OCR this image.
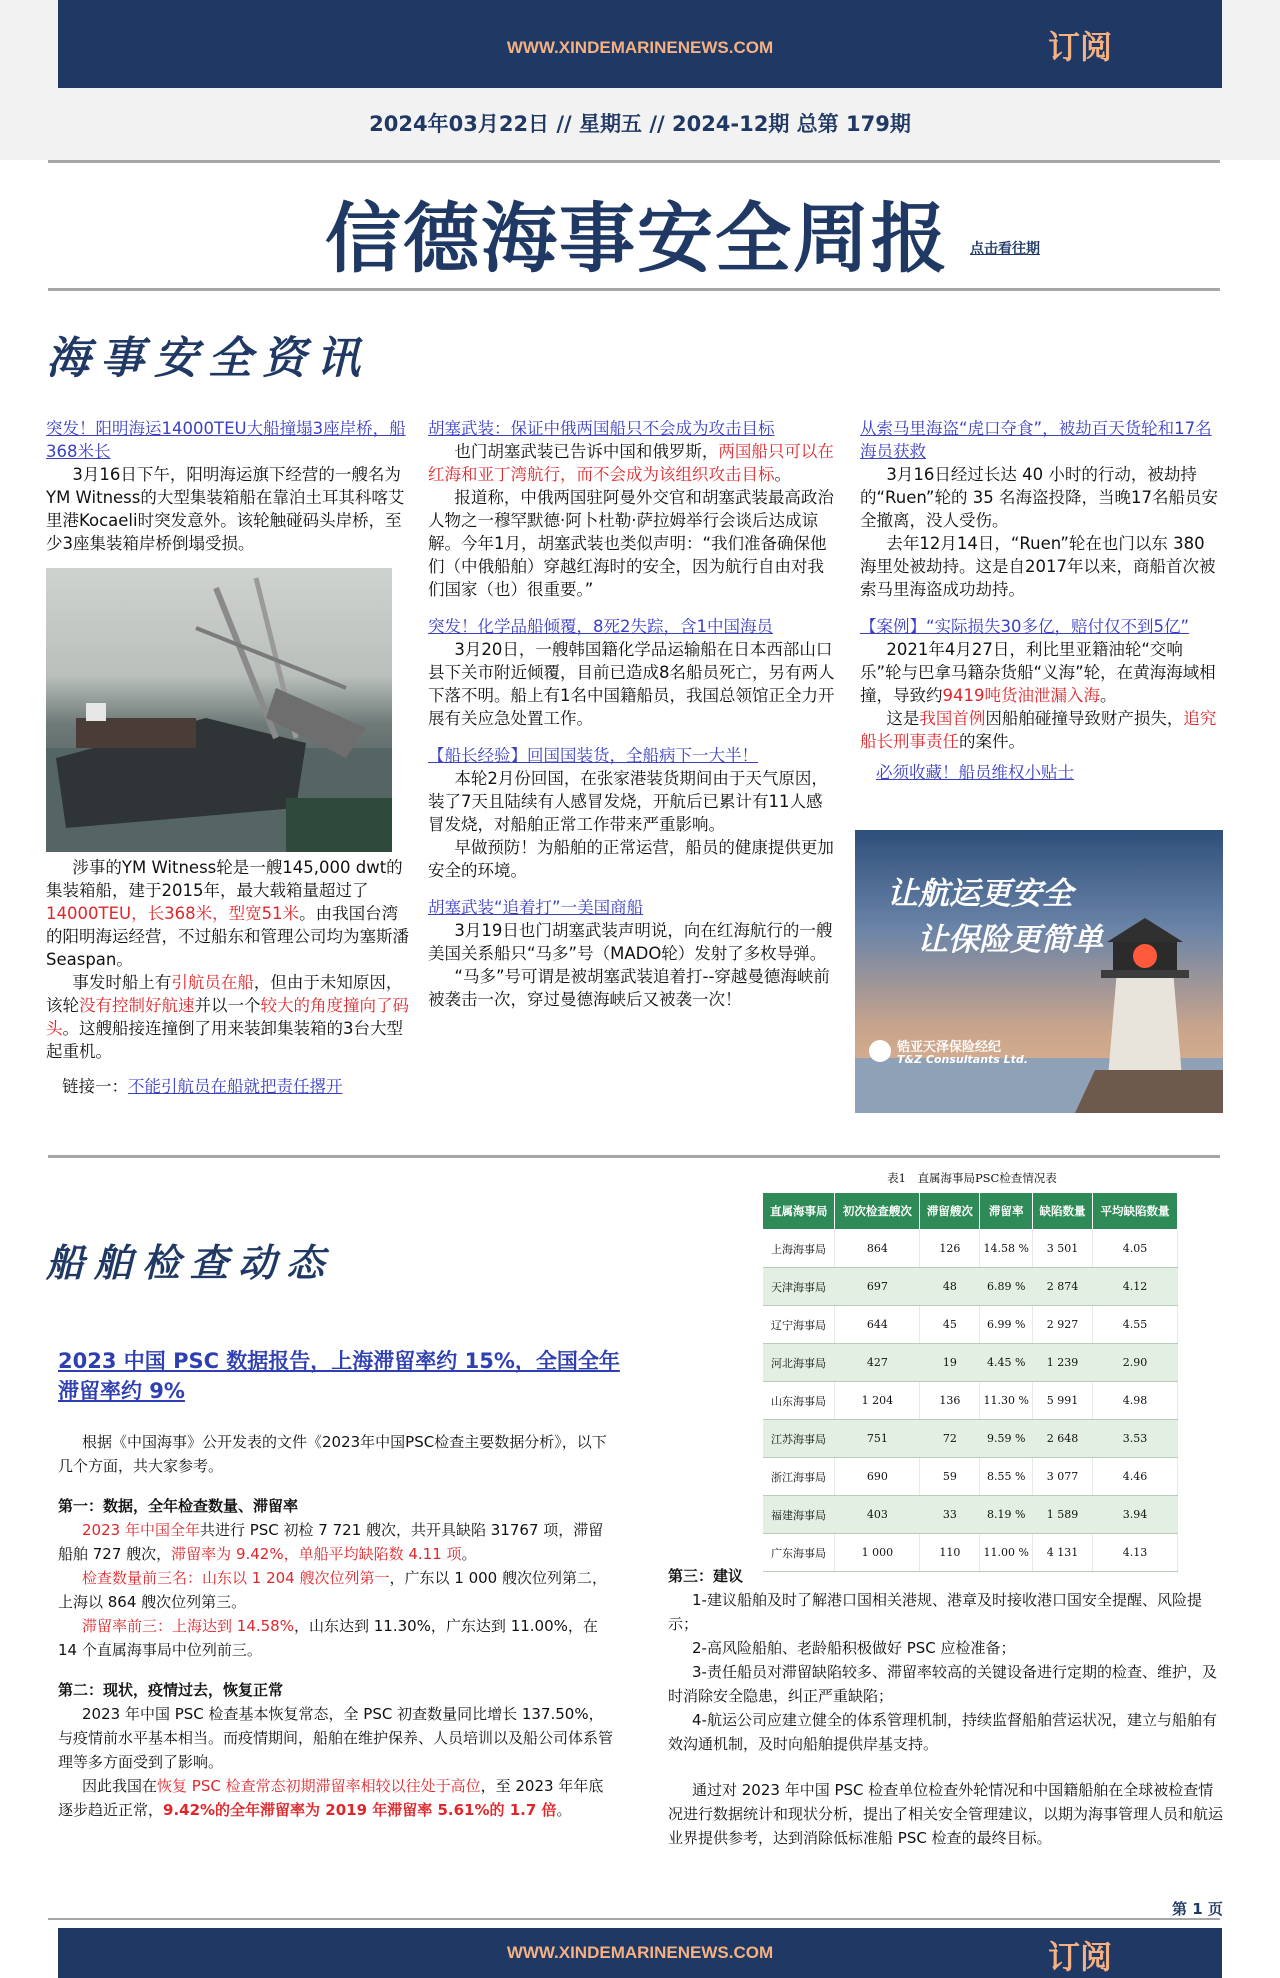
WWW.XINDEMARINENEWS.COM	订阅
2024年03月22日 // 星期五 // 2024-12期 总第 179期
信德海事安全周报 点击看往期
海事安全资讯

突发！阳明海运14000TEU大船撞塌3座岸桥，船368米长

3月16日下午，阳明海运旗下经营的一艘名为YM Witness的大型集装箱船在靠泊土耳其科喀艾里港Kocaeli时突发意外。该轮触碰码头岸桥，至少3座集装箱岸桥倒塌受损。

涉事的YM Witness轮是一艘145,000 dwt的集装箱船，建于2015年，最大载箱量超过了14000TEU，长368米，型宽51米。由我国台湾的阳明海运经营，不过船东和管理公司均为塞斯潘Seaspan。

事发时船上有引航员在船，但由于未知原因，该轮没有控制好航速并以一个较大的角度撞向了码头。这艘船接连撞倒了用来装卸集装箱的3台大型起重机。

链接一：不能引航员在船就把责任撂开

胡塞武装：保证中俄两国船只不会成为攻击目标

也门胡塞武装已告诉中国和俄罗斯，两国船只可以在红海和亚丁湾航行，而不会成为该组织攻击目标。

报道称，中俄两国驻阿曼外交官和胡塞武装最高政治人物之一穆罕默德·阿卜杜勒·萨拉姆举行会谈后达成谅解。今年1月，胡塞武装也类似声明：“我们准备确保他们（中俄船舶）穿越红海时的安全，因为航行自由对我们国家（也）很重要。”

突发！化学品船倾覆，8死2失踪，含1中国海员

3月20日，一艘韩国籍化学品运输船在日本西部山口县下关市附近倾覆，目前已造成8名船员死亡，另有两人下落不明。船上有1名中国籍船员，我国总领馆正全力开展有关应急处置工作。

【船长经验】回国国装货，全船病下一大半！

本轮2月份回国，在张家港装货期间由于天气原因，装了7天且陆续有人感冒发烧，开航后已累计有11人感冒发烧，对船舶正常工作带来严重影响。

早做预防！为船舶的正常运营，船员的健康提供更加安全的环境。

胡塞武装“追着打”一美国商船

3月19日也门胡塞武装声明说，向在红海航行的一艘美国关系船只“马多”号（MADO轮）发射了多枚导弹。

“马多”号可谓是被胡塞武装追着打--穿越曼德海峡前被袭击一次，穿过曼德海峡后又被袭一次！

从索马里海盗“虎口夺食”，被劫百天货轮和17名海员获救

3月16日经过长达 40 小时的行动，被劫持的“Ruen”轮的 35 名海盗投降，当晚17名船员安全撤离，没人受伤。

去年12月14日，“Ruen”轮在也门以东 380 海里处被劫持。这是自2017年以来，商船首次被索马里海盗成功劫持。

【案例】“实际损失30多亿，赔付仅不到5亿”

2021年4月27日，利比里亚籍油轮“交响乐”轮与巴拿马籍杂货船“义海”轮，在黄海海域相撞，导致约9419吨货油泄漏入海。

这是我国首例因船舶碰撞导致财产损失，追究船长刑事责任的案件。

必须收藏！船员维权小贴士

让航运更安全
让保险更简单
锆亚天泽保险经纪
T&Z Consultants Ltd.
船舶检查动态
2023 中国 PSC 数据报告，上海滞留率约 15%，全国全年滞留率约 9%

根据《中国海事》公开发表的文件《2023年中国PSC检查主要数据分析》，以下几个方面，共大家参考。

第一：数据，全年检查数量、滞留率

2023 年中国全年共进行 PSC 初检 7 721 艘次，共开具缺陷 31767 项，滞留船舶 727 艘次，滞留率为 9.42%，单船平均缺陷数 4.11 项。

检查数量前三名：山东以 1 204 艘次位列第一，广东以 1 000 艘次位列第二，上海以 864 艘次位列第三。

滞留率前三：上海达到 14.58%，山东达到 11.30%，广东达到 11.00%，在 14 个直属海事局中位列前三。

第二：现状，疫情过去，恢复正常

2023 年中国 PSC 检查基本恢复常态，全 PSC 初查数量同比增长 137.50%，与疫情前水平基本相当。而疫情期间，船舶在维护保养、人员培训以及船公司体系管理等多方面受到了影响。

因此我国在恢复 PSC 检查常态初期滞留率相较以往处于高位，至 2023 年年底逐步趋近正常，9.42%的全年滞留率为 2019 年滞留率 5.61%的 1.7 倍。

表1　直属海事局PSC检查情况表
直属海事局	初次检查艘次	滞留艘次	滞留率	缺陷数量	平均缺陷数量
上海海事局	864	126	14.58 %	3 501	4.05
天津海事局	697	48	6.89 %	2 874	4.12
辽宁海事局	644	45	6.99 %	2 927	4.55
河北海事局	427	19	4.45 %	1 239	2.90
山东海事局	1 204	136	11.30 %	5 991	4.98
江苏海事局	751	72	9.59 %	2 648	3.53
浙江海事局	690	59	8.55 %	3 077	4.46
福建海事局	403	33	8.19 %	1 589	3.94
广东海事局	1 000	110	11.00 %	4 131	4.13

第三：建议

1-建议船舶及时了解港口国相关港规、港章及时接收港口国安全提醒、风险提示；

2-高风险船舶、老龄船积极做好 PSC 应检准备；

3-责任船员对滞留缺陷较多、滞留率较高的关键设备进行定期的检查、维护，及时消除安全隐患，纠正严重缺陷；

4-航运公司应建立健全的体系管理机制，持续监督船舶营运状况，建立与船舶有效沟通机制，及时向船舶提供岸基支持。

通过对 2023 年中国 PSC 检查单位检查外轮情况和中国籍船舶在全球被检查情况进行数据统计和现状分析，提出了相关安全管理建议，以期为海事管理人员和航运业界提供参考，达到消除低标准船 PSC 检查的最终目标。

第 1 页
WWW.XINDEMARINENEWS.COM	订阅
